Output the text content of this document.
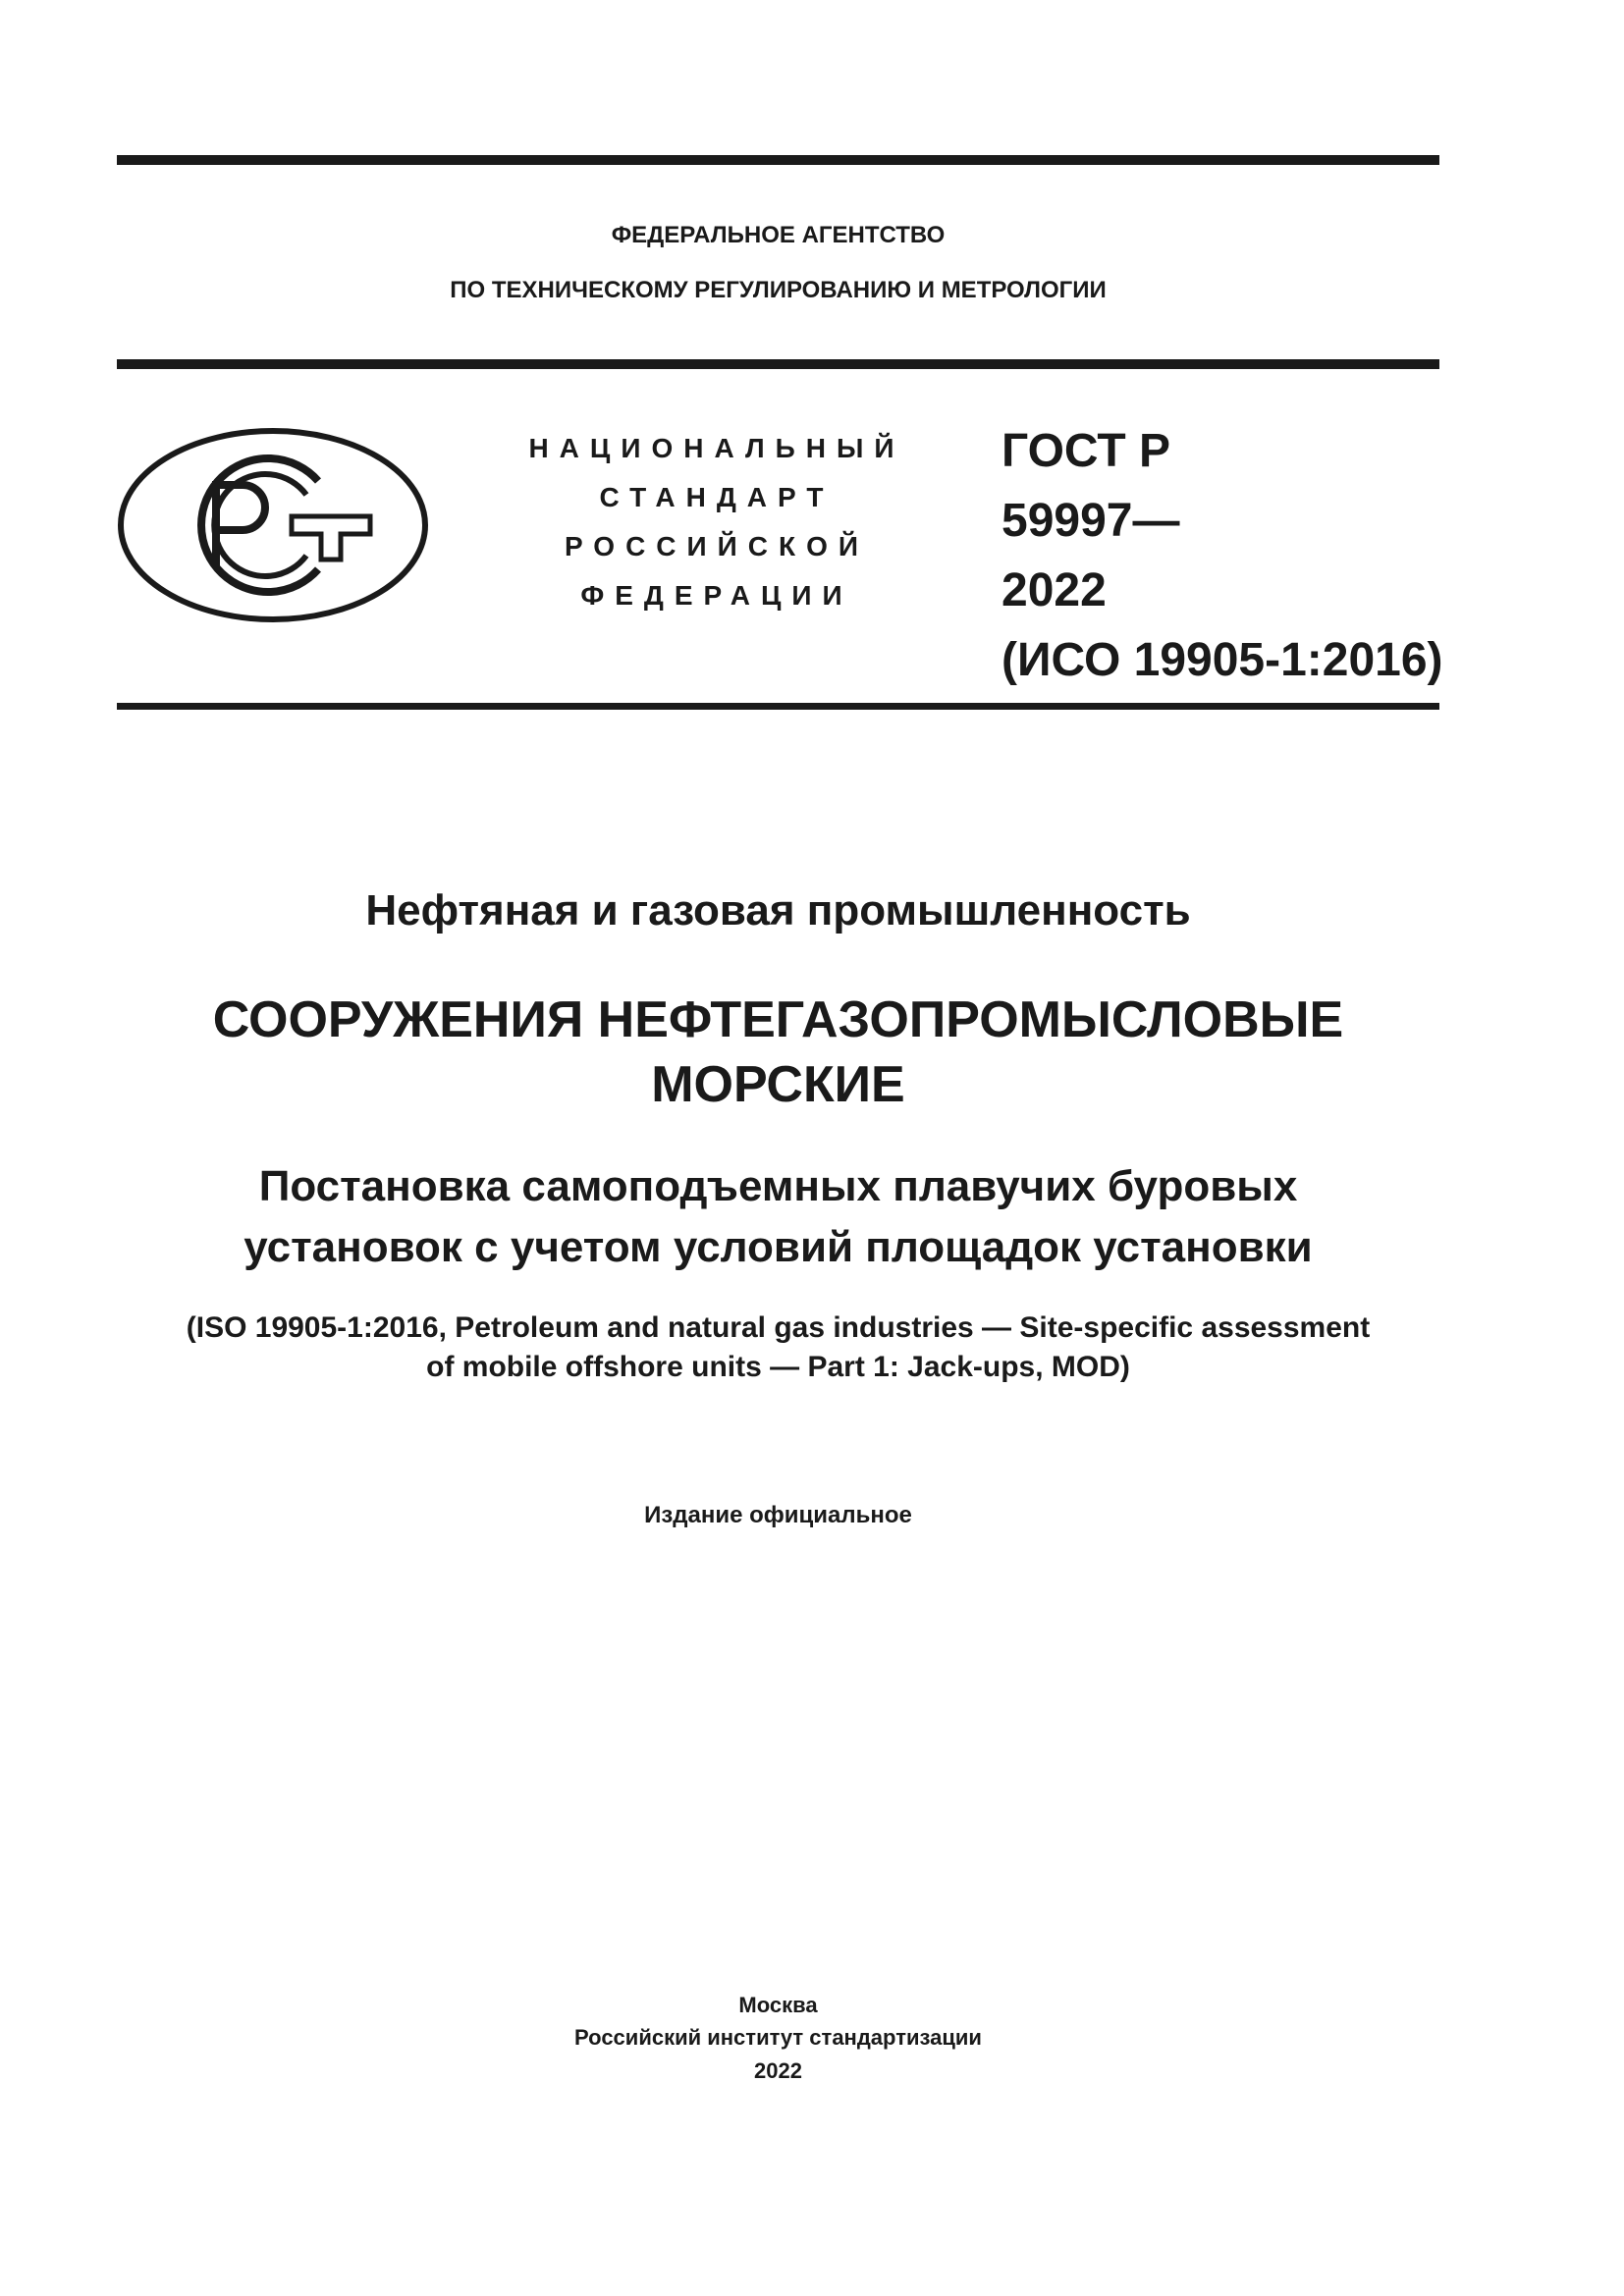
ФЕДЕРАЛЬНОЕ АГЕНТСТВО
ПО ТЕХНИЧЕСКОМУ РЕГУЛИРОВАНИЮ И МЕТРОЛОГИИ
НАЦИОНАЛЬНЫЙ
СТАНДАРТ
РОССИЙСКОЙ
ФЕДЕРАЦИИ
ГОСТ Р
59997—
2022
(ИСО 19905-1:2016)
Нефтяная и газовая промышленность
СООРУЖЕНИЯ НЕФТЕГАЗОПРОМЫСЛОВЫЕ
МОРСКИЕ
Постановка самоподъемных плавучих буровых
установок с учетом условий площадок установки
(ISO 19905-1:2016, Petroleum and natural gas industries — Site-specific assessment
of mobile offshore units — Part 1: Jack-ups, MOD)
Издание официальное
Москва
Российский институт стандартизации
2022
